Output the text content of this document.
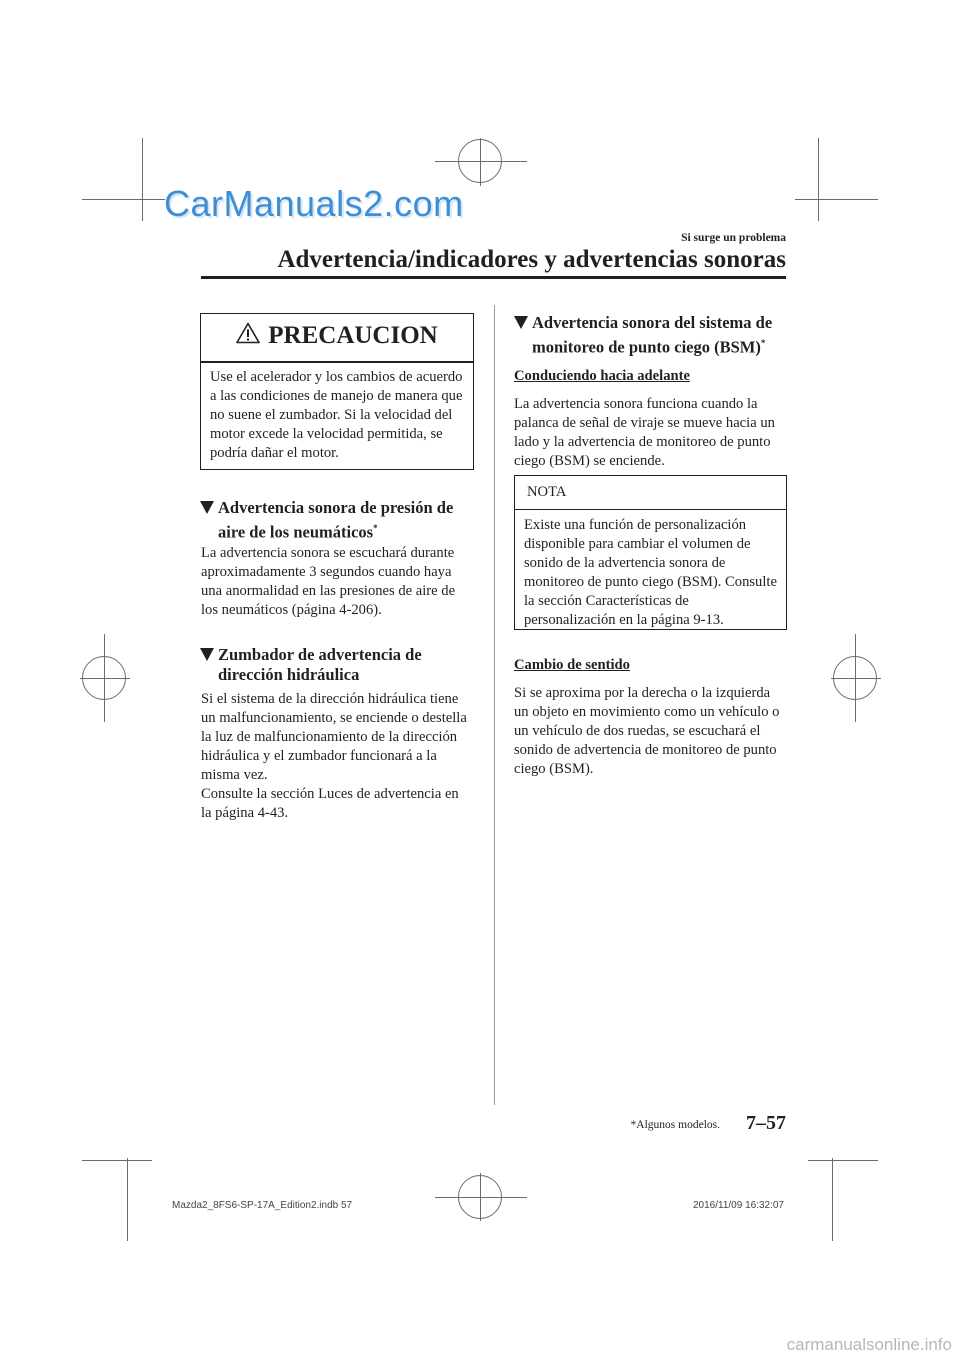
CarManuals2.com
Si surge un problema
Advertencia/indicadores y advertencias sonoras
PRECAUCION
Use el acelerador y los cambios de acuerdo a las condiciones de manejo de manera que no suene el zumbador. Si la velocidad del motor excede la velocidad permitida, se podría dañar el motor.
Advertencia sonora de presión de
aire de los neumáticos*
La advertencia sonora se escuchará durante aproximadamente 3 segundos cuando haya una anormalidad en las presiones de aire de los neumáticos (página 4-206).
Zumbador de advertencia de
dirección hidráulica
Si el sistema de la dirección hidráulica tiene un malfuncionamiento, se enciende o destella la luz de malfuncionamiento de la dirección hidráulica y el zumbador funcionará a la misma vez.
Consulte la sección Luces de advertencia en la página 4-43.
Advertencia sonora del sistema de
monitoreo de punto ciego (BSM)*
Conduciendo hacia adelante
La advertencia sonora funciona cuando la palanca de señal de viraje se mueve hacia un lado y la advertencia de monitoreo de punto ciego (BSM) se enciende.
NOTA
Existe una función de personalización disponible para cambiar el volumen de sonido de la advertencia sonora de monitoreo de punto ciego (BSM). Consulte la sección Características de personalización en la página 9-13.
Cambio de sentido
Si se aproxima por la derecha o la izquierda un objeto en movimiento como un vehículo o un vehículo de dos ruedas, se escuchará el sonido de advertencia de monitoreo de punto ciego (BSM).
*Algunos modelos. 7–57
Mazda2_8FS6-SP-17A_Edition2.indb 57	2016/11/09 16:32:07
carmanualsonline.info
